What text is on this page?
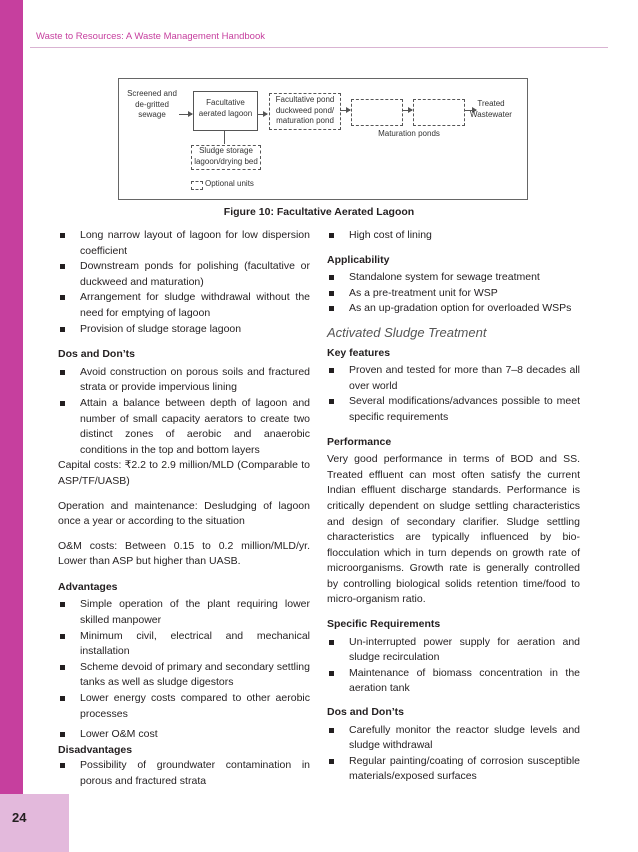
Waste to Resources: A Waste Management Handbook
Screened and de-gritted sewage
Facultative aerated lagoon
Facultative pond duckweed pond/ maturation pond
Maturation ponds
Treated Wastewater
Sludge storage lagoon/drying bed
Optional units
Figure 10: Facultative Aerated Lagoon
Long narrow layout of lagoon for low dispersion coefficient
Downstream ponds for polishing (facultative or duckweed and maturation)
Arrangement for sludge withdrawal without the need for emptying of lagoon
Provision of sludge storage lagoon

Dos and Don’ts

Avoid construction on porous soils and fractured strata or provide impervious lining
Attain a balance between depth of lagoon and number of small capacity aerators to create two distinct zones of aerobic and anaerobic conditions in the top and bottom layers

Capital costs: ₹2.2 to 2.9 million/MLD (Comparable to ASP/TF/UASB)

Operation and maintenance: Desludging of lagoon once a year or according to the situation

O&M costs: Between 0.15 to 0.2 million/MLD/yr. Lower than ASP but higher than UASB.

Advantages

Simple operation of the plant requiring lower skilled manpower
Minimum civil, electrical and mechanical installation
Scheme devoid of primary and secondary settling tanks as well as sludge digestors
Lower energy costs compared to other aerobic processes
Lower O&M cost

Disadvantages

Possibility of groundwater contamination in porous and fractured strata
High cost of lining

Applicability

Standalone system for sewage treatment
As a pre-treatment unit for WSP
As an up-gradation option for overloaded WSPs

Activated Sludge Treatment

Key features

Proven and tested for more than 7–8 decades all over world
Several modifications/advances possible to meet specific requirements

Performance

Very good performance in terms of BOD and SS. Treated effluent can most often satisfy the current Indian effluent discharge standards. Performance is critically dependent on sludge settling characteristics and design of secondary clarifier. Sludge settling characteristics are typically influenced by bio-flocculation which in turn depends on growth rate of microorganisms. Growth rate is generally controlled by controlling biological solids retention time/food to micro-organism ratio.

Specific Requirements

Un-interrupted power supply for aeration and sludge recirculation
Maintenance of biomass concentration in the aeration tank

Dos and Don’ts

Carefully monitor the reactor sludge levels and sludge withdrawal
Regular painting/coating of corrosion susceptible materials/exposed surfaces
24
